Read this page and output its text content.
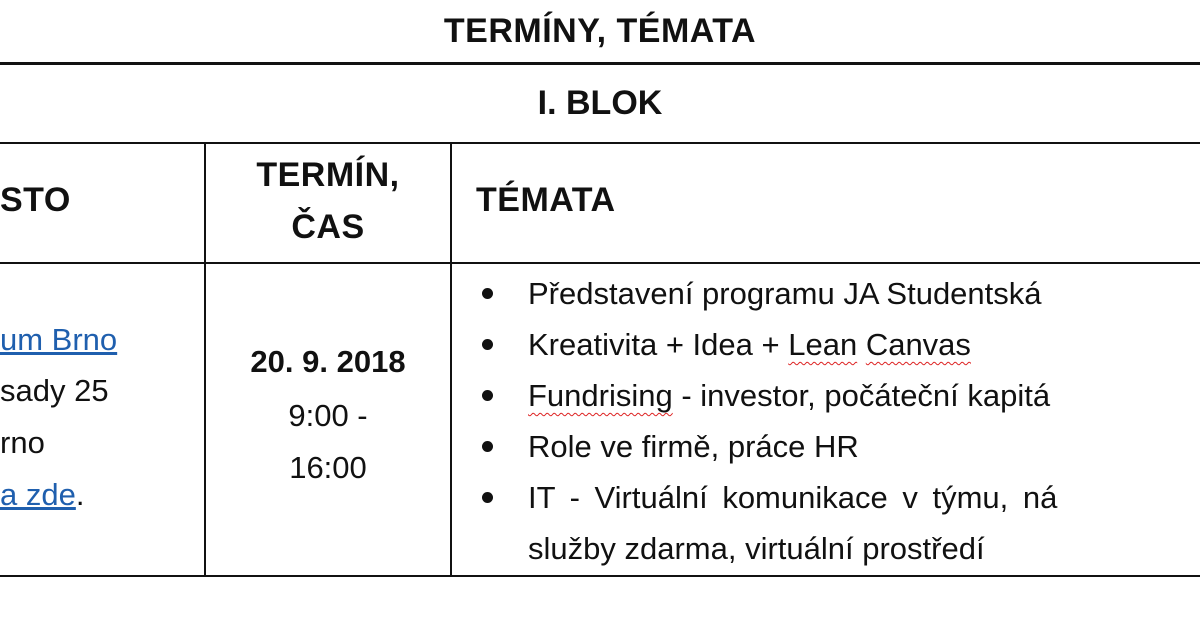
TERMÍNY, TÉMATA
I. BLOK
STO
TERMÍN,
ČAS
TÉMATA
um Brno
sady 25
rno
a zde.
20. 9. 2018
9:00 -
16:00
Představení programu JA Studentská
Kreativita + Idea + Lean Canvas
Fundrising - investor, počáteční kapitá
Role ve firmě, práce HR
IT - Virtuální komunikace v týmu, ná
služby zdarma, virtuální prostředí
